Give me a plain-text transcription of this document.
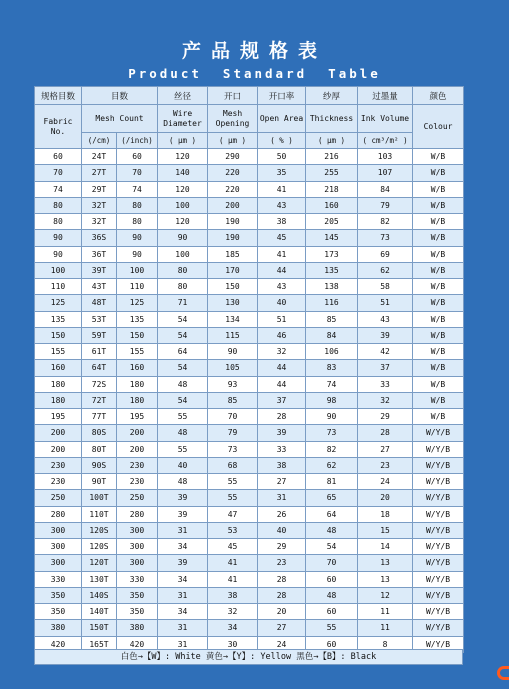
产品规格表
Product  Standard  Table
规格目数	目数		丝径	开口	开口率	纱厚	过墨量	颜色
Fabric No.	Mesh Count		Wire Diameter	Mesh Opening	Open Area	Thickness	Ink Volume	Colour
	(/cm)	(/inch)	( μm )	( μm )	( % )	( μm )	( cm³/m² )	
60	24T	60	120	290	50	216	103	W/B
70	27T	70	140	220	35	255	107	W/B
74	29T	74	120	220	41	218	84	W/B
80	32T	80	100	200	43	160	79	W/B
80	32T	80	120	190	38	205	82	W/B
90	36S	90	90	190	45	145	73	W/B
90	36T	90	100	185	41	173	69	W/B
100	39T	100	80	170	44	135	62	W/B
110	43T	110	80	150	43	138	58	W/B
125	48T	125	71	130	40	116	51	W/B
135	53T	135	54	134	51	85	43	W/B
150	59T	150	54	115	46	84	39	W/B
155	61T	155	64	90	32	106	42	W/B
160	64T	160	54	105	44	83	37	W/B
180	72S	180	48	93	44	74	33	W/B
180	72T	180	54	85	37	98	32	W/B
195	77T	195	55	70	28	90	29	W/B
200	80S	200	48	79	39	73	28	W/Y/B
200	80T	200	55	73	33	82	27	W/Y/B
230	90S	230	40	68	38	62	23	W/Y/B
230	90T	230	48	55	27	81	24	W/Y/B
250	100T	250	39	55	31	65	20	W/Y/B
280	110T	280	39	47	26	64	18	W/Y/B
300	120S	300	31	53	40	48	15	W/Y/B
300	120S	300	34	45	29	54	14	W/Y/B
300	120T	300	39	41	23	70	13	W/Y/B
330	130T	330	34	41	28	60	13	W/Y/B
350	140S	350	31	38	28	48	12	W/Y/B
350	140T	350	34	32	20	60	11	W/Y/B
380	150T	380	31	34	27	55	11	W/Y/B
420	165T	420	31	30	24	60	8	W/Y/B
白色→【W】: White 黄色→【Y】: Yellow 黑色→【B】: Black
